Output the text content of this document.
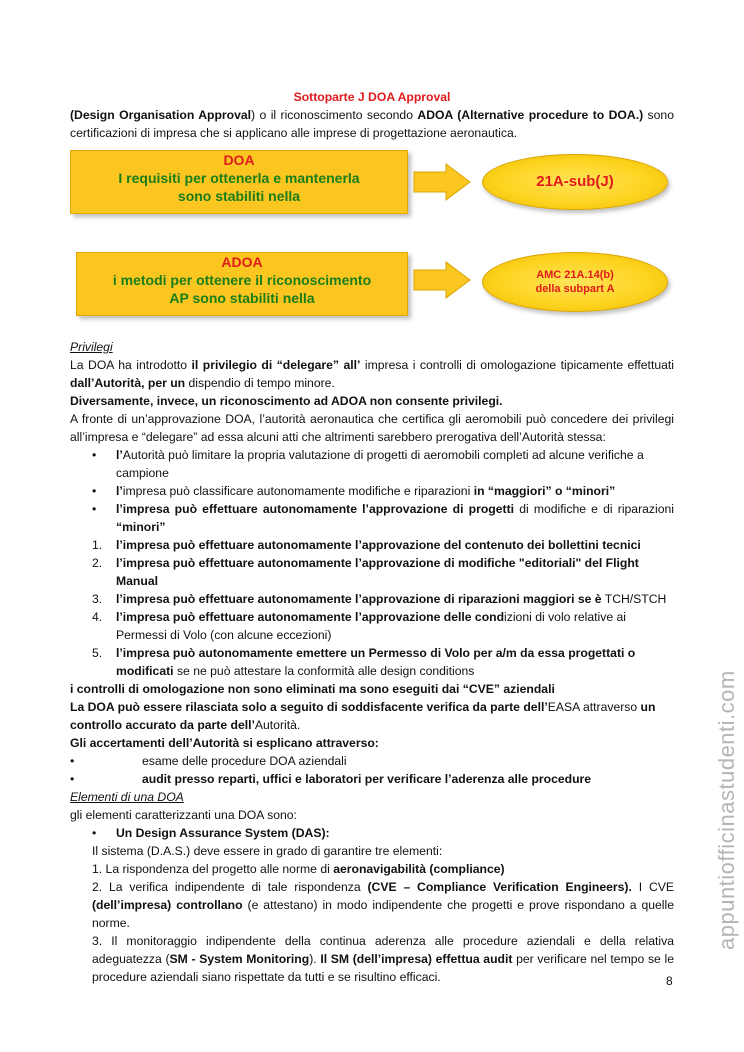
Sottoparte J DOA Approval

(Design Organisation Approval) o il riconoscimento secondo ADOA (Alternative procedure to DOA.) sono certificazioni di impresa che si applicano alle imprese di progettazione aeronautica.

DOA
I requisiti per ottenerla e mantenerla
sono stabiliti nella
21A-sub(J)
ADOA
i metodi per ottenere il riconoscimento
AP sono stabiliti nella
AMC 21A.14(b)
della subpart A

Privilegi

La DOA ha introdotto il privilegio di “delegare” all’ impresa i controlli di omologazione tipicamente effettuati dall’Autorità, per un dispendio di tempo minore.

Diversamente, invece, un riconoscimento ad ADOA non consente privilegi.

A fronte di un’approvazione DOA, l’autorità aeronautica che certifica gli aeromobili può concedere dei privilegi all’impresa e “delegare” ad essa alcuni atti che altrimenti sarebbero prerogativa dell’Autorità stessa:

• l’Autorità può limitare la propria valutazione di progetti di aeromobili completi ad alcune verifiche a campione
• l’impresa può classificare autonomamente modifiche e riparazioni in “maggiori” o “minori”
• l’impresa può effettuare autonomamente l’approvazione di progetti di modifiche e di riparazioni “minori”
1. l’impresa può effettuare autonomamente l’approvazione del contenuto dei bollettini tecnici
2. l’impresa può effettuare autonomamente l’approvazione di modifiche "editoriali" del Flight Manual
3. l’impresa può effettuare autonomamente l’approvazione di riparazioni maggiori se è TCH/STCH
4. l’impresa può effettuare autonomamente l’approvazione delle condizioni di volo relative ai Permessi di Volo (con alcune eccezioni)
5. l’impresa può autonomamente emettere un Permesso di Volo per a/m da essa progettati o modificati se ne può attestare la conformità alle design conditions

i controlli di omologazione non sono eliminati ma sono eseguiti dai “CVE” aziendali

La DOA può essere rilasciata solo a seguito di soddisfacente verifica da parte dell’EASA attraverso un controllo accurato da parte dell’Autorità.

Gli accertamenti dell’Autorità si esplicano attraverso:

•	esame delle procedure DOA aziendali
•	audit presso reparti, uffici e laboratori per verificare l’aderenza alle procedure

Elementi di una DOA

gli elementi caratterizzanti una DOA sono:

• Un Design Assurance System (DAS):

Il sistema (D.A.S.) deve essere in grado di garantire tre elementi:

1. La rispondenza del progetto alle norme di aeronavigabilità (compliance)

2. La verifica indipendente di tale rispondenza (CVE – Compliance Verification Engineers). I CVE (dell’impresa) controllano (e attestano) in modo indipendente che progetti e prove rispondano a quelle norme.

3. Il monitoraggio indipendente della continua aderenza alle procedure aziendali e della relativa adeguatezza (SM - System Monitoring). Il SM (dell’impresa) effettua audit per verificare nel tempo se le procedure aziendali siano rispettate da tutti e se risultino efficaci.	8
appuntiofficinastudenti.com
